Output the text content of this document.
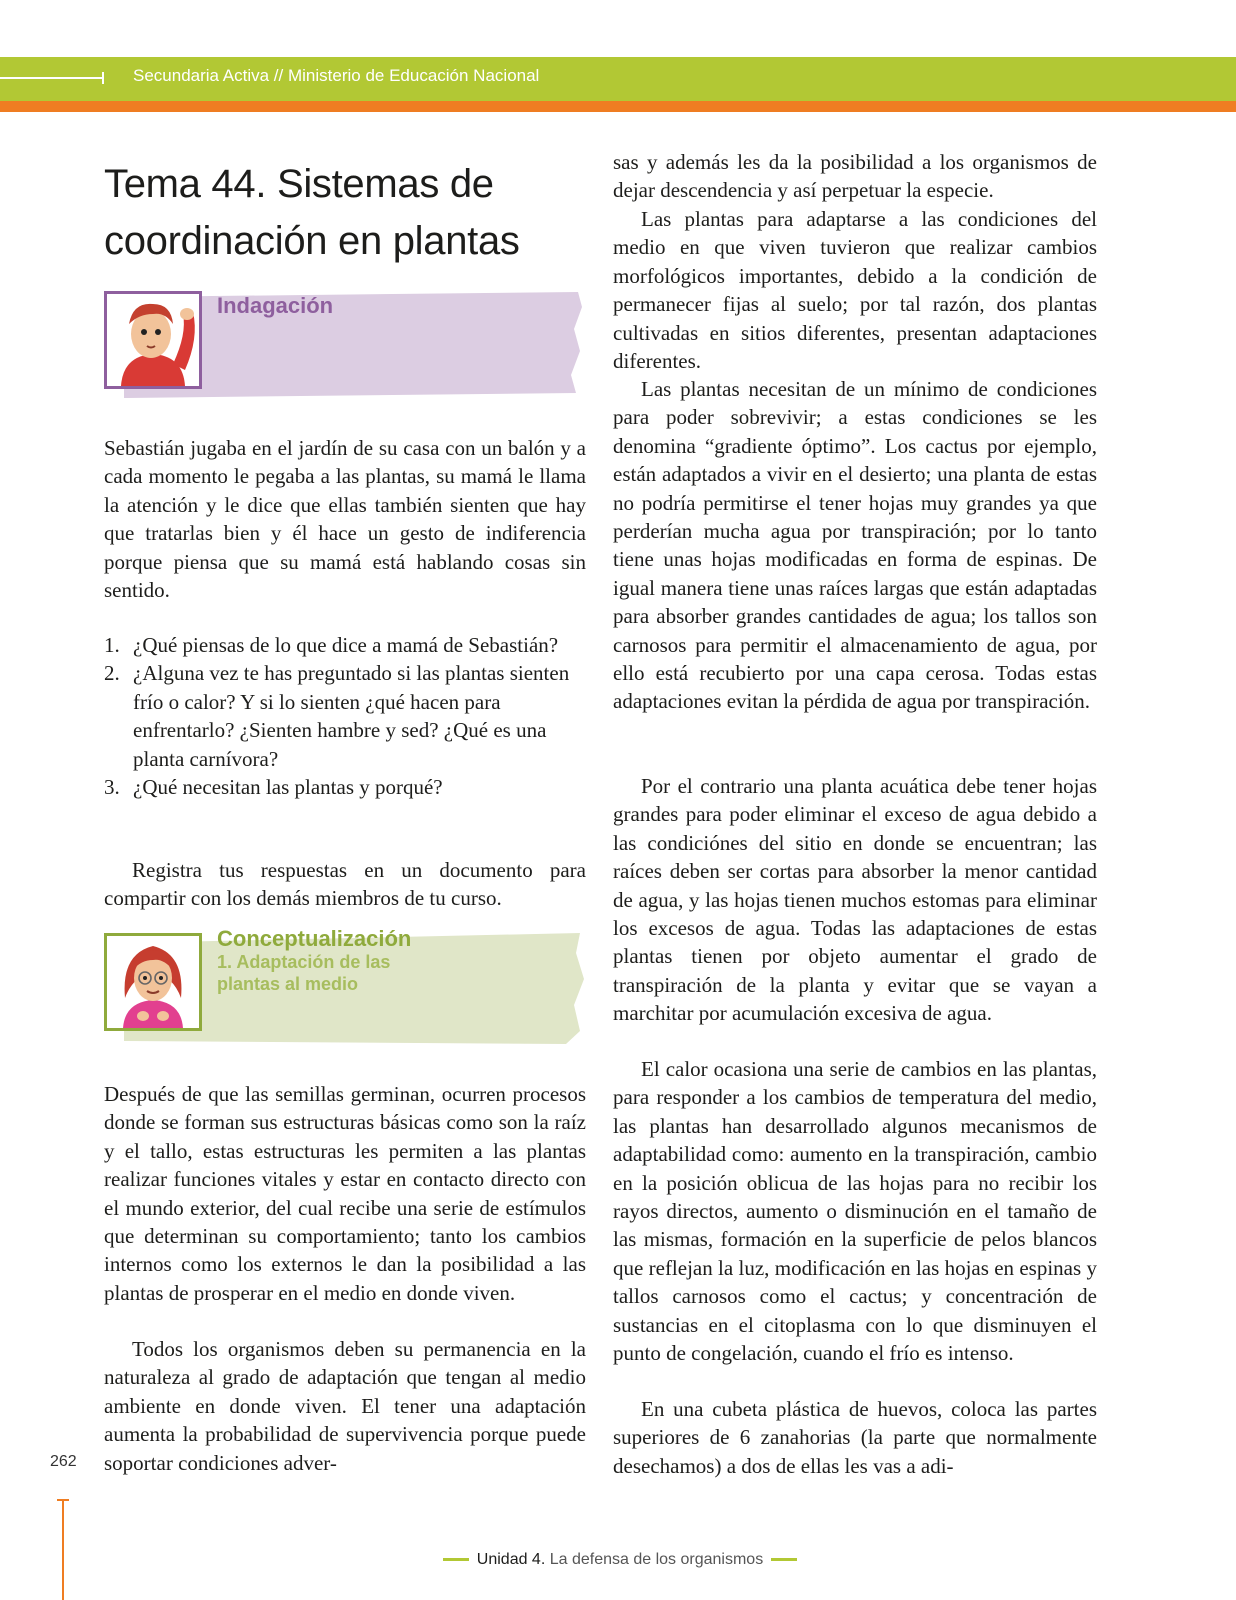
Secundaria Activa // Ministerio de Educación Nacional
Tema 44. Sistemas de
coordinación en plantas
Indagación

Sebastián jugaba en el jardín de su casa con un balón y a cada momento le pegaba a las plantas, su mamá le llama la atención y le dice que ellas también sienten que hay que tratarlas bien y él hace un gesto de indiferencia porque piensa que su mamá está hablando cosas sin sentido.

1. ¿Qué piensas de lo que dice a mamá de Sebastián?
2. ¿Alguna vez te has preguntado si las plantas sienten frío o calor? Y si lo sienten ¿qué hacen para enfrentarlo? ¿Sienten hambre y sed? ¿Qué es una planta carnívora?
3. ¿Qué necesitan las plantas y porqué?

Registra tus respuestas en un documento para compartir con los demás miembros de tu curso.

Conceptualización
1. Adaptación de las
plantas al medio

Después de que las semillas germinan, ocurren procesos donde se forman sus estructuras básicas como son la raíz y el tallo, estas estructuras les permiten a las plantas realizar funciones vitales y estar en contacto directo con el mundo exterior, del cual recibe una serie de estímulos que determinan su comportamiento; tanto los cambios internos como los externos le dan la posibilidad a las plantas de prosperar en el medio en donde viven.

Todos los organismos deben su permanencia en la naturaleza al grado de adaptación que tengan al medio ambiente en donde viven. El tener una adaptación aumenta la probabilidad de supervivencia porque puede soportar condiciones adver-

sas y además les da la posibilidad a los organismos de dejar descendencia y así perpetuar la especie.

Las plantas para adaptarse a las condiciones del medio en que viven tuvieron que realizar cambios morfológicos importantes, debido a la condición de permanecer fijas al suelo; por tal razón, dos plantas cultivadas en sitios diferentes, presentan adaptaciones diferentes.

Las plantas necesitan de un mínimo de condiciones para poder sobrevivir; a estas condiciones se les denomina “gradiente óptimo”. Los cactus por ejemplo, están adaptados a vivir en el desierto; una planta de estas no podría permitirse el tener hojas muy grandes ya que perderían mucha agua por transpiración; por lo tanto tiene unas hojas modificadas en forma de espinas. De igual manera tiene unas raíces largas que están adaptadas para absorber grandes cantidades de agua; los tallos son carnosos para permitir el almacenamiento de agua, por ello está recubierto por una capa cerosa. Todas estas adaptaciones evitan la pérdida de agua por transpiración.

Por el contrario una planta acuática debe tener hojas grandes para poder eliminar el exceso de agua debido a las condiciónes del sitio en donde se encuentran; las raíces deben ser cortas para absorber la menor cantidad de agua, y las hojas tienen muchos estomas para eliminar los excesos de agua. Todas las adaptaciones de estas plantas tienen por objeto aumentar el grado de transpiración de la planta y evitar que se vayan a marchitar por acumulación excesiva de agua.

El calor ocasiona una serie de cambios en las plantas, para responder a los cambios de temperatura del medio, las plantas han desarrollado algunos mecanismos de adaptabilidad como: aumento en la transpiración, cambio en la posición oblicua de las hojas para no recibir los rayos directos, aumento o disminución en el tamaño de las mismas, formación en la superficie de pelos blancos que reflejan la luz, modificación en las hojas en espinas y tallos carnosos como el cactus; y concentración de sustancias en el citoplasma con lo que disminuyen el punto de congelación, cuando el frío es intenso.

En una cubeta plástica de huevos, coloca las partes superiores de 6 zanahorias (la parte que normalmente desechamos) a dos de ellas les vas a adi-

262
Unidad 4. La defensa de los organismos
